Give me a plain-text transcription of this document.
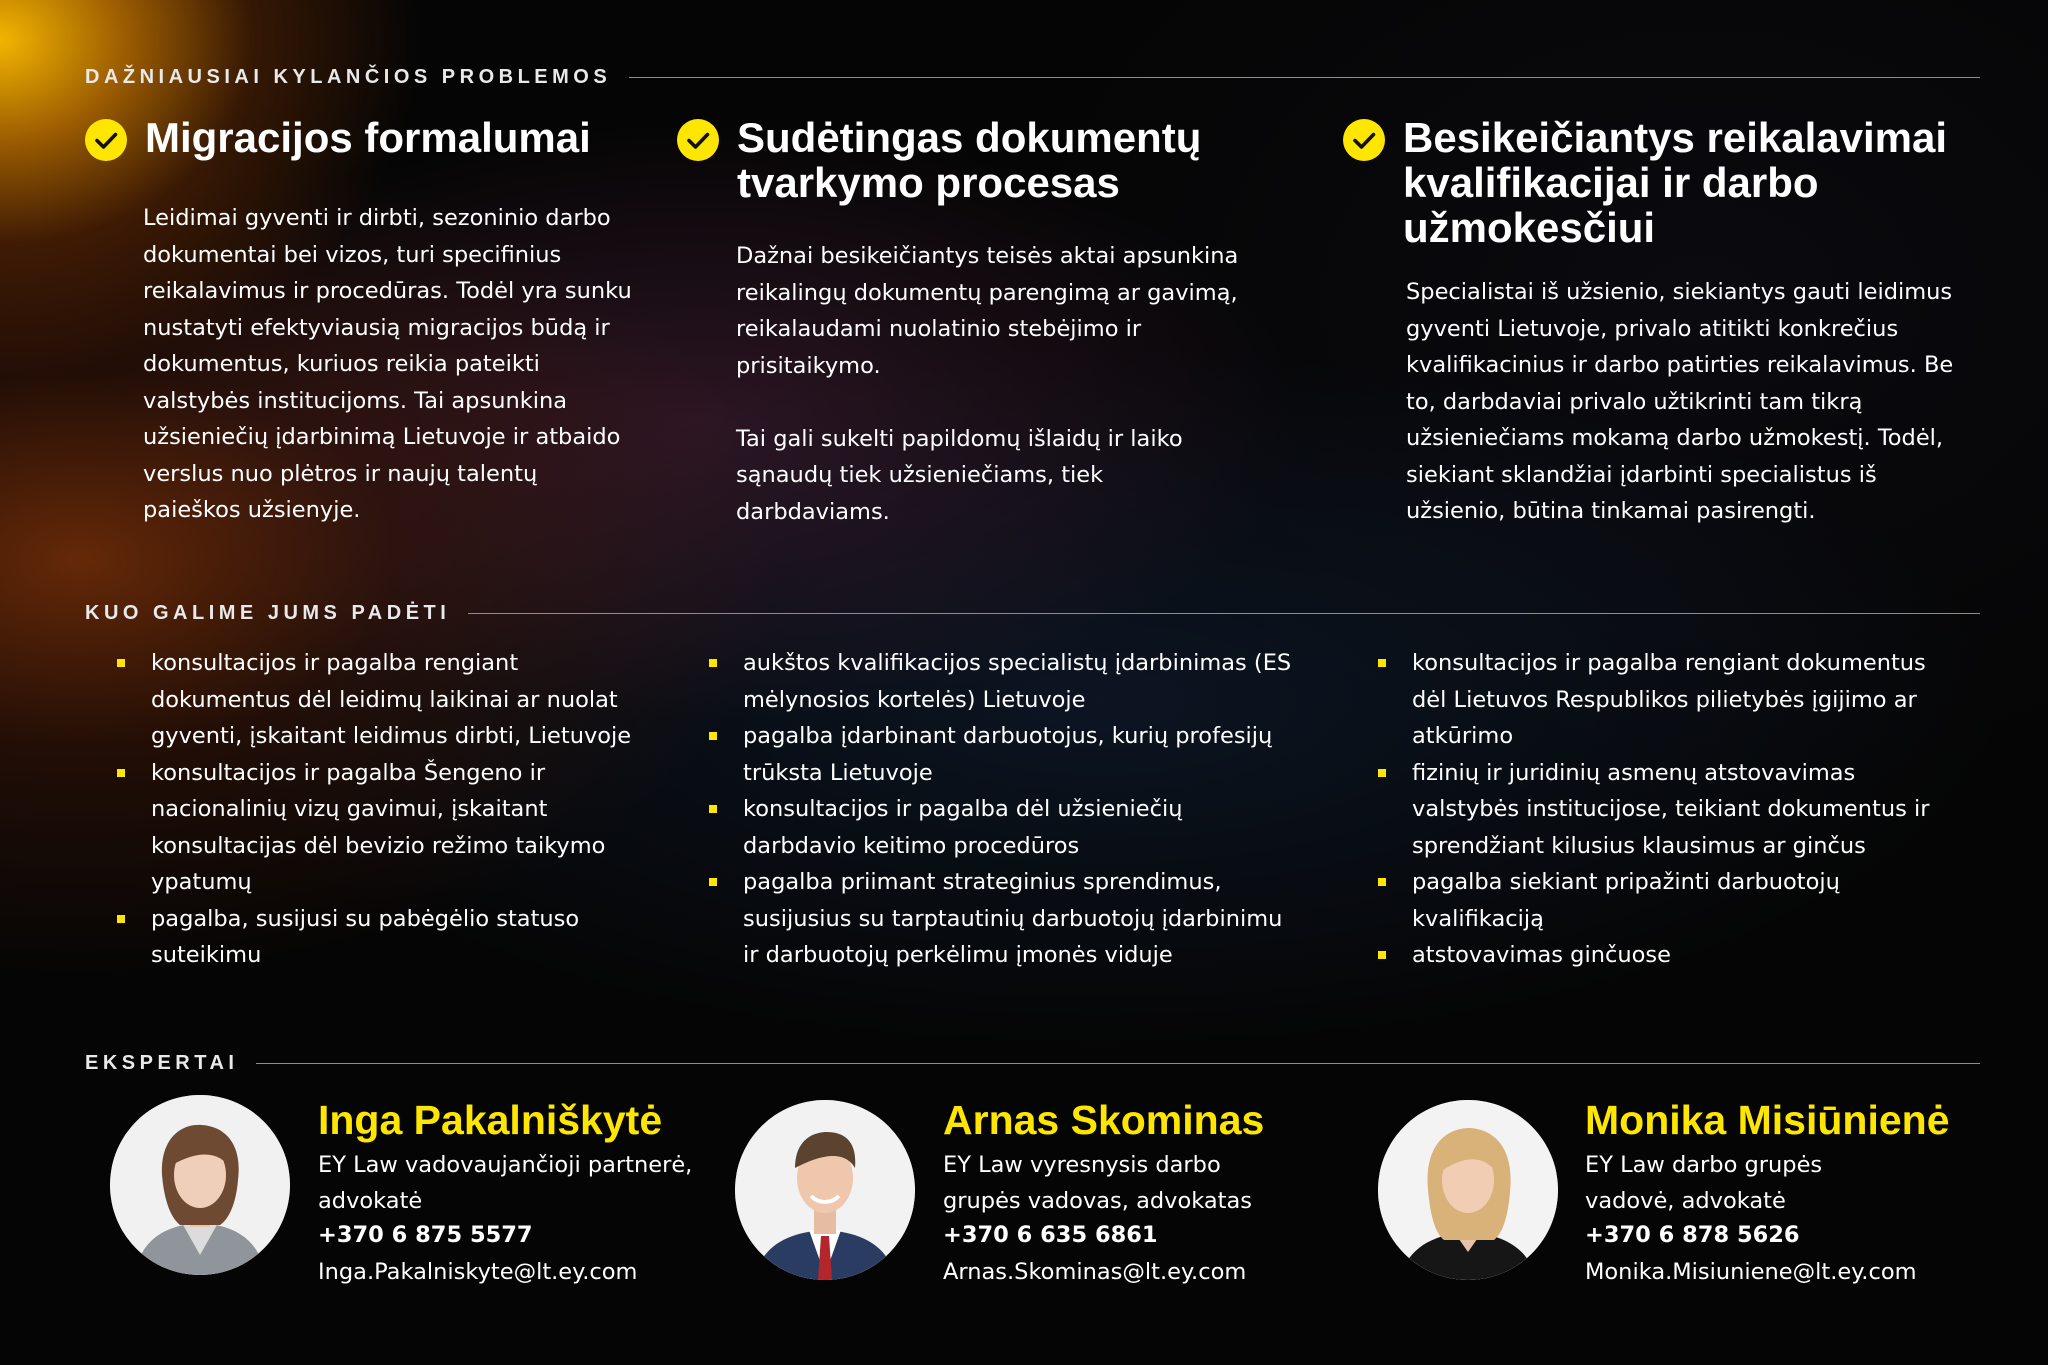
DAŽNIAUSIAI KYLANČIOS PROBLEMOS
Migracijos formalumai
Leidimai gyventi ir dirbti, sezoninio darbo
dokumentai bei vizos, turi specifinius
reikalavimus ir procedūras. Todėl yra sunku
nustatyti efektyviausią migracijos būdą ir
dokumentus, kuriuos reikia pateikti
valstybės institucijoms. Tai apsunkina
užsieniečių įdarbinimą Lietuvoje ir atbaido
verslus nuo plėtros ir naujų talentų
paieškos užsienyje.
Sudėtingas dokumentų
tvarkymo procesas
Dažnai besikeičiantys teisės aktai apsunkina
reikalingų dokumentų parengimą ar gavimą,
reikalaudami nuolatinio stebėjimo ir
prisitaikymo.

Tai gali sukelti papildomų išlaidų ir laiko
sąnaudų tiek užsieniečiams, tiek
darbdaviams.
Besikeičiantys reikalavimai
kvalifikacijai ir darbo
užmokesčiui
Specialistai iš užsienio, siekiantys gauti leidimus
gyventi Lietuvoje, privalo atitikti konkrečius
kvalifikacinius ir darbo patirties reikalavimus. Be
to, darbdaviai privalo užtikrinti tam tikrą
užsieniečiams mokamą darbo užmokestį. Todėl,
siekiant sklandžiai įdarbinti specialistus iš
užsienio, būtina tinkamai pasirengti.
KUO GALIME JUMS PADĖTI
konsultacijos ir pagalba rengiant
dokumentus dėl leidimų laikinai ar nuolat
gyventi, įskaitant leidimus dirbti, Lietuvoje
konsultacijos ir pagalba Šengeno ir
nacionalinių vizų gavimui, įskaitant
konsultacijas dėl bevizio režimo taikymo
ypatumų
pagalba, susijusi su pabėgėlio statuso
suteikimu
aukštos kvalifikacijos specialistų įdarbinimas (ES
mėlynosios kortelės) Lietuvoje
pagalba įdarbinant darbuotojus, kurių profesijų
trūksta Lietuvoje
konsultacijos ir pagalba dėl užsieniečių
darbdavio keitimo procedūros
pagalba priimant strateginius sprendimus,
susijusius su tarptautinių darbuotojų įdarbinimu
ir darbuotojų perkėlimu įmonės viduje
konsultacijos ir pagalba rengiant dokumentus
dėl Lietuvos Respublikos pilietybės įgijimo ar
atkūrimo
fizinių ir juridinių asmenų atstovavimas
valstybės institucijose, teikiant dokumentus ir
sprendžiant kilusius klausimus ar ginčus
pagalba siekiant pripažinti darbuotojų
kvalifikaciją
atstovavimas ginčuose
EKSPERTAI
Inga Pakalniškytė
EY Law vadovaujančioji partnerė,
advokatė
+370 6 875 5577
Inga.Pakalniskyte@lt.ey.com
Arnas Skominas
EY Law vyresnysis darbo
grupės vadovas, advokatas
+370 6 635 6861
Arnas.Skominas@lt.ey.com
Monika Misiūnienė
EY Law darbo grupės
vadovė, advokatė
+370 6 878 5626
Monika.Misiuniene@lt.ey.com
